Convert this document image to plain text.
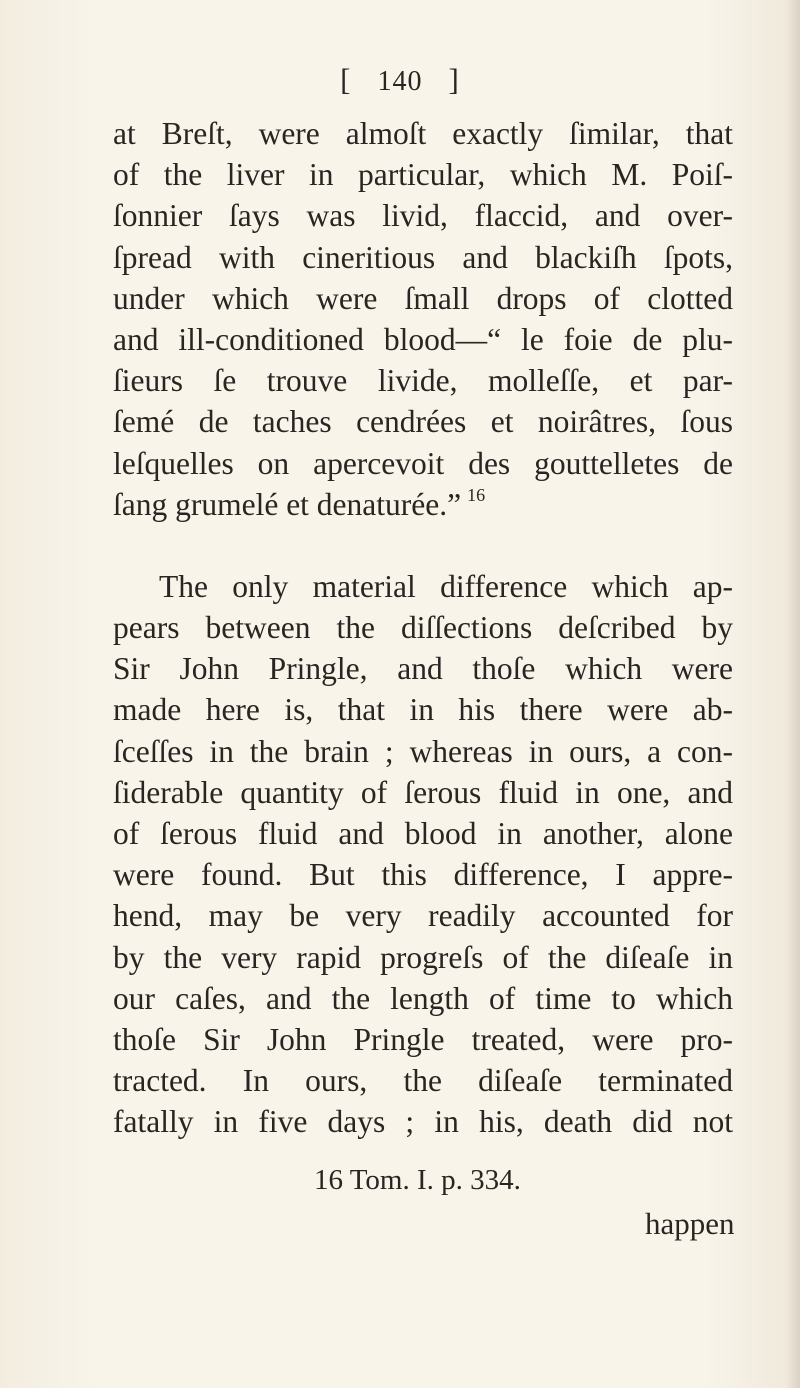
[ 140 ]
at Breſt, were almoſt exactly ſimilar, that
of the liver in particular, which M. Poiſ-
ſonnier ſays was livid, flaccid, and over-
ſpread with cineritious and blackiſh ſpots,
under which were ſmall drops of clotted
and ill-conditioned blood—“ le foie de plu-
ſieurs ſe trouve livide, molleſſe, et par-
ſemé de taches cendrées et noirâtres, ſous
leſquelles on apercevoit des gouttelletes de
ſang grumelé et denaturée.” $^{16}$
The only material difference which ap-
pears between the diſſections deſcribed by
Sir John Pringle, and thoſe which were
made here is, that in his there were ab-
ſceſſes in the brain ; whereas in ours, a con-
ſiderable quantity of ſerous fluid in one, and
of ſerous fluid and blood in another, alone
were found. But this difference, I appre-
hend, may be very readily accounted for
by the very rapid progreſs of the diſeaſe in
our caſes, and the length of time to which
thoſe Sir John Pringle treated, were pro-
tracted. In ours, the diſeaſe terminated
fatally in five days ; in his, death did not
16 Tom. I. p. 334.
happen
